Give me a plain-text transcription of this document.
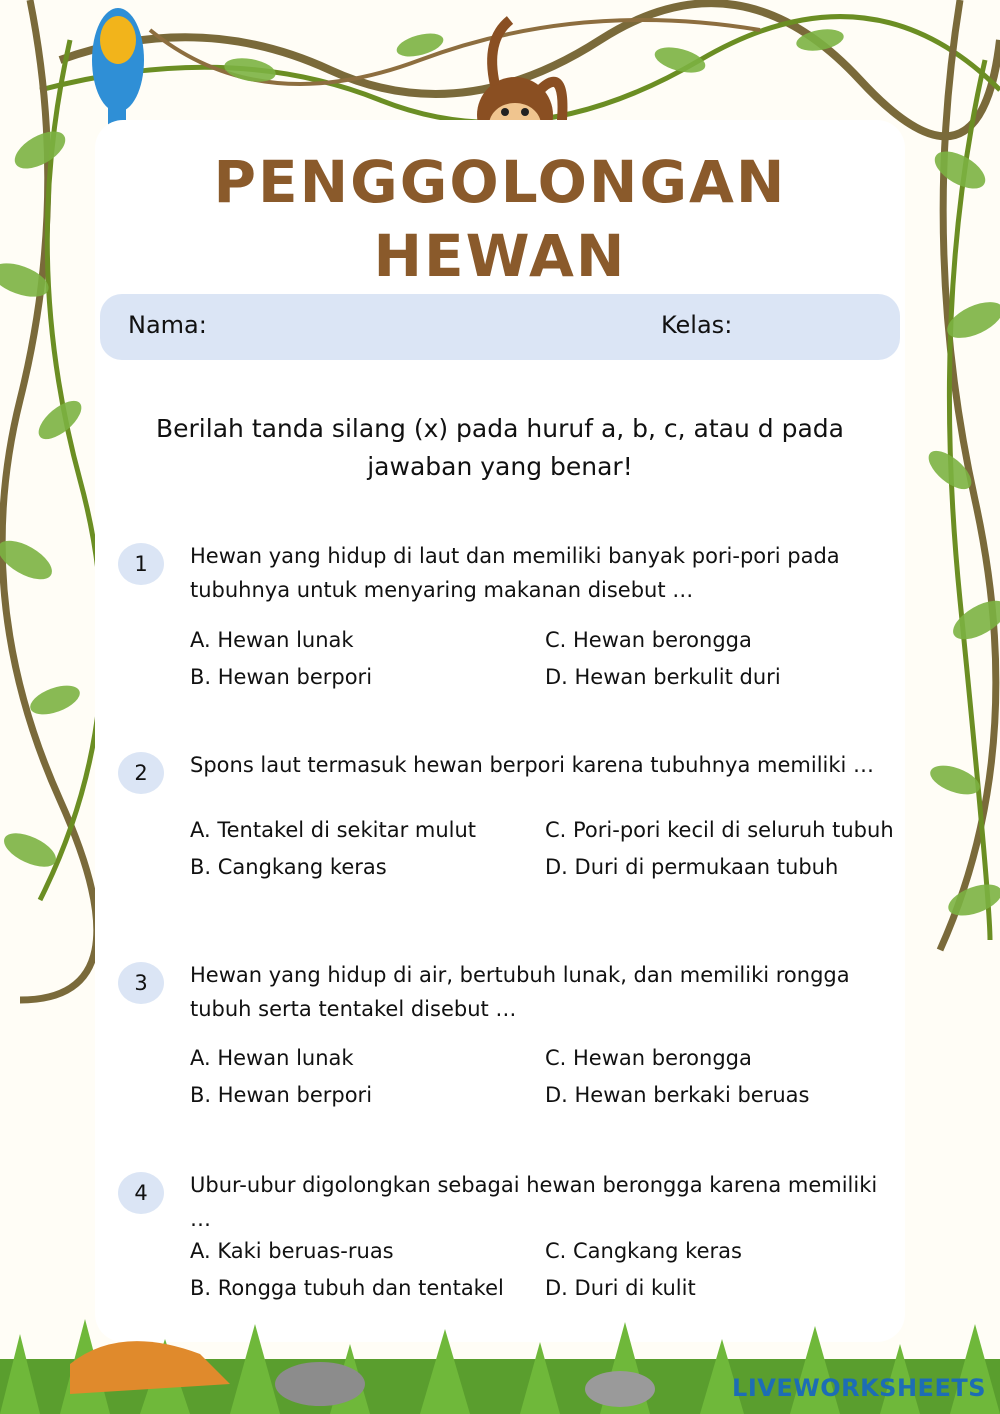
PENGGOLONGAN
HEWAN
Nama:	Kelas:
Berilah tanda silang (x) pada huruf a, b, c, atau d pada
jawaban yang benar!
1	Hewan yang hidup di laut dan memiliki banyak pori-pori pada
tubuhnya untuk menyaring makanan disebut …
A. Hewan lunak	C. Hewan berongga
B. Hewan berpori	D. Hewan berkulit duri
2	Spons laut termasuk hewan berpori karena tubuhnya memiliki …
A. Tentakel di sekitar mulut	C. Pori-pori kecil di seluruh tubuh
B. Cangkang keras	D. Duri di permukaan tubuh
3	Hewan yang hidup di air, bertubuh lunak, dan memiliki rongga
tubuh serta tentakel disebut …
A. Hewan lunak	C. Hewan berongga
B. Hewan berpori	D. Hewan berkaki beruas
4	Ubur-ubur digolongkan sebagai hewan berongga karena memiliki …
A. Kaki beruas-ruas	C. Cangkang keras
B. Rongga tubuh dan tentakel D. Duri di kulit
LIVEWORKSHEETS
